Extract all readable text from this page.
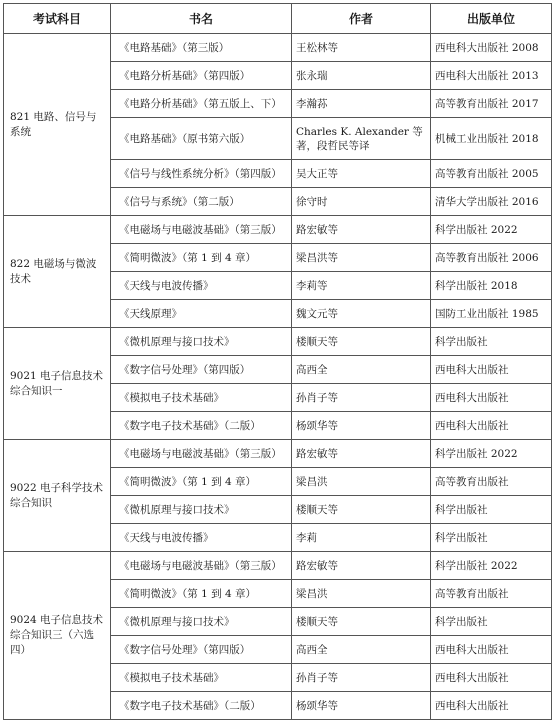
考试科目	书名	作者	出版单位
821 电路、信号与系统	《电路基础》（第三版）	王松林等	西电科大出版社 2008
	《电路分析基础》（第四版）	张永瑞	西电科大出版社 2013
	《电路分析基础》（第五版上、下）	李瀚荪	高等教育出版社 2017
	《电路基础》（原书第六版）	Charles K. Alexander 等著，段哲民等译	机械工业出版社 2018
	《信号与线性系统分析》（第四版）	吴大正等	高等教育出版社 2005
	《信号与系统》（第二版）	徐守时	清华大学出版社 2016
822 电磁场与微波技术	《电磁场与电磁波基础》（第三版）	路宏敏等	科学出版社 2022
	《简明微波》（第 1 到 4 章）	梁昌洪等	高等教育出版社 2006
	《天线与电波传播》	李莉等	科学出版社 2018
	《天线原理》	魏文元等	国防工业出版社 1985
9021 电子信息技术综合知识一	《微机原理与接口技术》	楼顺天等	科学出版社
	《数字信号处理》（第四版）	高西全	西电科大出版社
	《模拟电子技术基础》	孙肖子等	西电科大出版社
	《数字电子技术基础》（二版）	杨颂华等	西电科大出版社
9022 电子科学技术综合知识	《电磁场与电磁波基础》（第三版）	路宏敏等	科学出版社 2022
	《简明微波》（第 1 到 4 章）	梁昌洪	高等教育出版社
	《微机原理与接口技术》	楼顺天等	科学出版社
	《天线与电波传播》	李莉	科学出版社
9024 电子信息技术综合知识三（六选四）	《电磁场与电磁波基础》（第三版）	路宏敏等	科学出版社 2022
	《简明微波》（第 1 到 4 章）	梁昌洪	高等教育出版社
	《微机原理与接口技术》	楼顺天等	科学出版社
	《数字信号处理》（第四版）	高西全	西电科大出版社
	《模拟电子技术基础》	孙肖子等	西电科大出版社
	《数字电子技术基础》（二版）	杨颂华等	西电科大出版社
